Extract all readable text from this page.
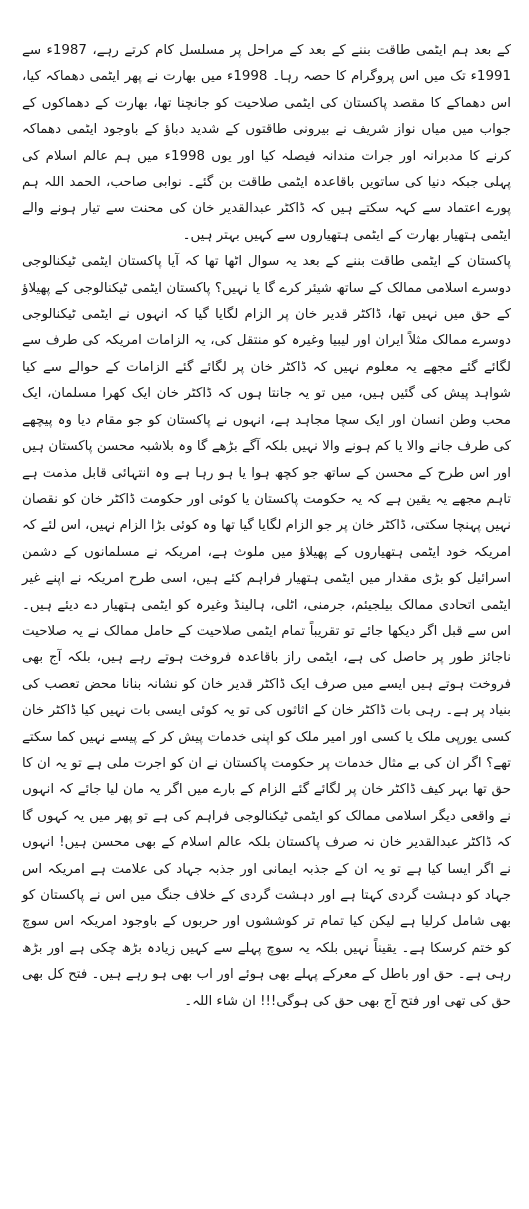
کے بعد ہم ایٹمی طاقت بننے کے بعد کے مراحل پر مسلسل کام کرتے رہے، 1987ء سے 1991ء تک میں اس پروگرام کا حصہ رہا۔ 1998ء میں بھارت نے پھر ایٹمی دھماکہ کیا، اس دھماکے کا مقصد پاکستان کی ایٹمی صلاحیت کو جانچنا تھا، بھارت کے دھماکوں کے جواب میں میاں نواز شریف نے بیرونی طاقتوں کے شدید دباؤ کے باوجود ایٹمی دھماکہ کرنے کا مدبرانہ اور جرات مندانہ فیصلہ کیا اور یوں 1998ء میں ہم عالم اسلام کی پہلی جبکہ دنیا کی ساتویں باقاعدہ ایٹمی طاقت بن گئے۔ نوابی صاحب، الحمد اللہ ہم پورے اعتماد سے کہہ سکتے ہیں کہ ڈاکٹر عبدالقدیر خان کی محنت سے تیار ہونے والے ایٹمی ہتھیار بھارت کے ایٹمی ہتھیاروں سے کہیں بہتر ہیں۔

پاکستان کے ایٹمی طاقت بننے کے بعد یہ سوال اٹھا تھا کہ آیا پاکستان ایٹمی ٹیکنالوجی دوسرے اسلامی ممالک کے ساتھ شیئر کرے گا یا نہیں؟ پاکستان ایٹمی ٹیکنالوجی کے پھیلاؤ کے حق میں نہیں تھا، ڈاکٹر قدیر خان پر الزام لگایا گیا کہ انہوں نے ایٹمی ٹیکنالوجی دوسرے ممالک مثلاً ایران اور لیبیا وغیرہ کو منتقل کی، یہ الزامات امریکہ کی طرف سے لگائے گئے مجھے یہ معلوم نہیں کہ ڈاکٹر خان پر لگائے گئے الزامات کے حوالے سے کیا شواہد پیش کی گئیں ہیں، میں تو یہ جانتا ہوں کہ ڈاکٹر خان ایک کھرا مسلمان، ایک محب وطن انسان اور ایک سچا مجاہد ہے، انہوں نے پاکستان کو جو مقام دیا وہ پیچھے کی طرف جانے والا یا کم ہونے والا نہیں بلکہ آگے بڑھے گا وہ بلاشبہ محسن پاکستان ہیں اور اس طرح کے محسن کے ساتھ جو کچھ ہوا یا ہو رہا ہے وہ انتہائی قابل مذمت ہے تاہم مجھے یہ یقین ہے کہ یہ حکومت پاکستان یا کوئی اور حکومت ڈاکٹر خان کو نقصان نہیں پہنچا سکتی، ڈاکٹر خان پر جو الزام لگایا گیا تھا وہ کوئی بڑا الزام نہیں، اس لئے کہ امریکہ خود ایٹمی ہتھیاروں کے پھیلاؤ میں ملوث ہے، امریکہ نے مسلمانوں کے دشمن اسرائیل کو بڑی مقدار میں ایٹمی ہتھیار فراہم کئے ہیں، اسی طرح امریکہ نے اپنے غیر ایٹمی اتحادی ممالک بیلجیئم، جرمنی، اٹلی، ہالینڈ وغیرہ کو ایٹمی ہتھیار دے دیئے ہیں۔ اس سے قبل اگر دیکھا جائے تو تقریباً تمام ایٹمی صلاحیت کے حامل ممالک نے یہ صلاحیت ناجائز طور پر حاصل کی ہے، ایٹمی راز باقاعدہ فروخت ہوتے رہے ہیں، بلکہ آج بھی فروخت ہوتے ہیں ایسے میں صرف ایک ڈاکٹر قدیر خان کو نشانہ بنانا محض تعصب کی بنیاد پر ہے۔ رہی بات ڈاکٹر خان کے اثاثوں کی تو یہ کوئی ایسی بات نہیں کیا ڈاکٹر خان کسی یورپی ملک یا کسی اور امیر ملک کو اپنی خدمات پیش کر کے پیسے نہیں کما سکتے تھے؟ اگر ان کی بے مثال خدمات پر حکومت پاکستان نے ان کو اجرت ملی ہے تو یہ ان کا حق تھا بہر کیف ڈاکٹر خان پر لگائے گئے الزام کے بارے میں اگر یہ مان لیا جائے کہ انہوں نے واقعی دیگر اسلامی ممالک کو ایٹمی ٹیکنالوجی فراہم کی ہے تو پھر میں یہ کہوں گا کہ ڈاکٹر عبدالقدیر خان نہ صرف پاکستان بلکہ عالم اسلام کے بھی محسن ہیں! انہوں نے اگر ایسا کیا ہے تو یہ ان کے جذبہ ایمانی اور جذبہ جہاد کی علامت ہے امریکہ اس جہاد کو دہشت گردی کہتا ہے اور دہشت گردی کے خلاف جنگ میں اس نے پاکستان کو بھی شامل کرلیا ہے لیکن کیا تمام تر کوششوں اور حربوں کے باوجود امریکہ اس سوچ کو ختم کرسکا ہے۔ یقیناً نہیں بلکہ یہ سوچ پہلے سے کہیں زیادہ بڑھ چکی ہے اور بڑھ رہی ہے۔ حق اور باطل کے معرکے پہلے بھی ہوئے اور اب بھی ہو رہے ہیں۔ فتح کل بھی حق کی تھی اور فتح آج بھی حق کی ہوگی!!! ان شاء اللہ۔
